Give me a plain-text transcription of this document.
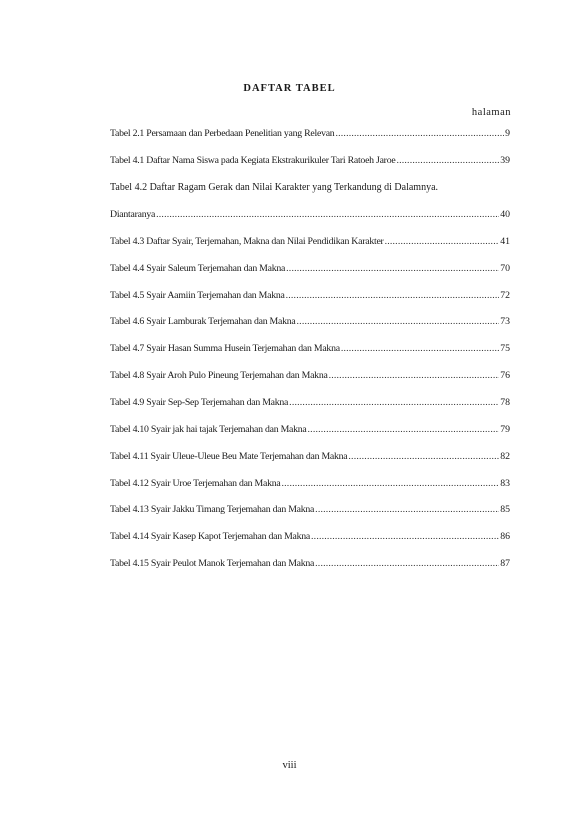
DAFTAR TABEL
halaman
Tabel 2.1 Persamaan dan Perbedaan Penelitian yang Relevan .....	9
Tabel 4.1 Daftar Nama Siswa pada Kegiata Ekstrakurikuler Tari Ratoeh Jaroe .....	39
Tabel 4.2 Daftar Ragam Gerak dan Nilai Karakter yang Terkandung di Dalamnya.
Diantaranya .....	40
Tabel 4.3 Daftar Syair, Terjemahan, Makna dan Nilai Pendidikan Karakter .....	41
Tabel 4.4 Syair Saleum Terjemahan dan Makna .....	70
Tabel 4.5 Syair Aamiin Terjemahan dan Makna .....	72
Tabel 4.6 Syair Lamburak Terjemahan dan Makna .....	73
Tabel 4.7 Syair Hasan Summa Husein Terjemahan dan Makna .....	75
Tabel 4.8 Syair Aroh Pulo Pineung Terjemahan dan Makna .....	76
Tabel 4.9 Syair Sep-Sep Terjemahan dan Makna .....	78
Tabel 4.10 Syair jak hai tajak Terjemahan dan Makna .....	79
Tabel 4.11 Syair Uleue-Uleue Beu Mate Terjemahan dan Makna .....	82
Tabel 4.12 Syair Uroe Terjemahan dan Makna .....	83
Tabel 4.13 Syair Jakku Timang Terjemahan dan Makna .....	85
Tabel 4.14 Syair Kasep Kapot Terjemahan dan Makna .....	86
Tabel 4.15 Syair Peulot Manok Terjemahan dan Makna .....	87
viii
